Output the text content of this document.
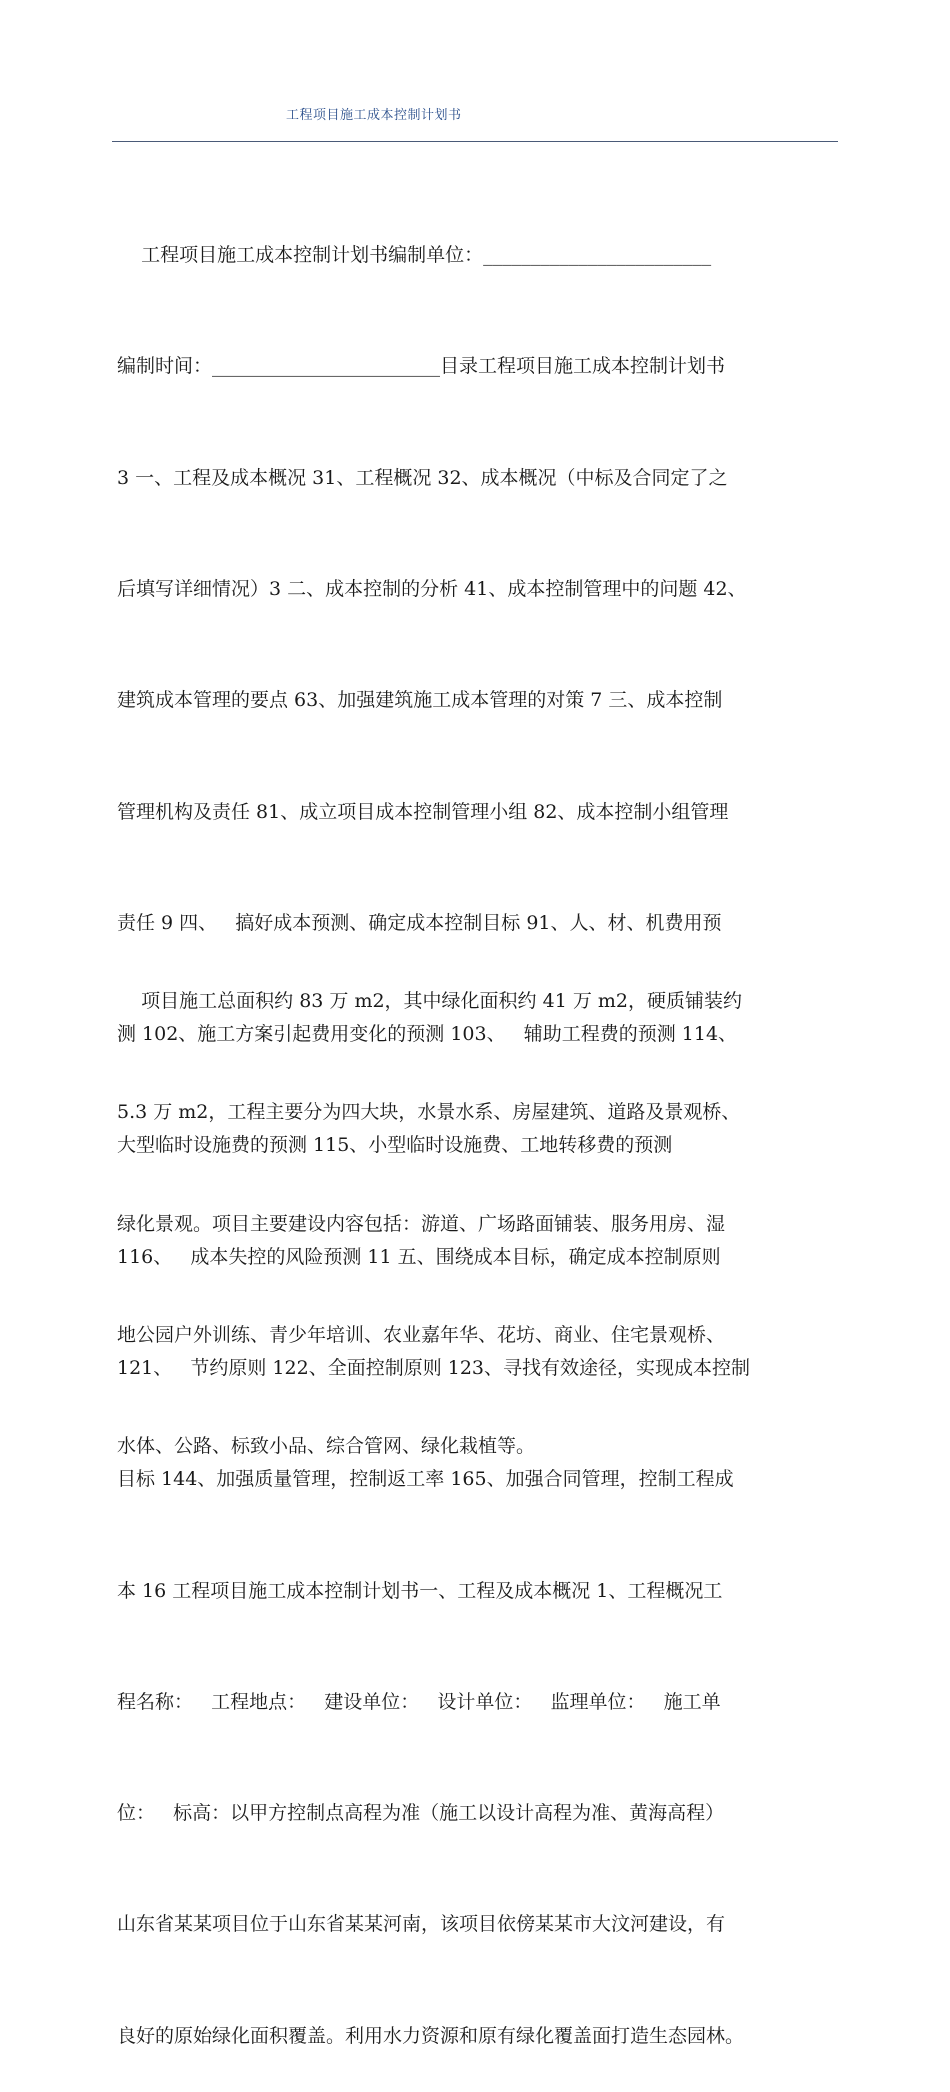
工程项目施工成本控制计划书

工程项目施工成本控制计划书编制单位：________________________

编制时间：________________________目录工程项目施工成本控制计划书

3 一、工程及成本概况 31、工程概况 32、成本概况（中标及合同定了之

后填写详细情况）3 二、成本控制的分析 41、成本控制管理中的问题 42、

建筑成本管理的要点 63、加强建筑施工成本管理的对策 7 三、成本控制

管理机构及责任 81、成立项目成本控制管理小组 82、成本控制小组管理

责任 9 四、   搞好成本预测、确定成本控制目标 91、人、材、机费用预

测 102、施工方案引起费用变化的预测 103、   辅助工程费的预测 114、

大型临时设施费的预测 115、小型临时设施费、工地转移费的预测

116、   成本失控的风险预测 11 五、围绕成本目标，确定成本控制原则

121、   节约原则 122、全面控制原则 123、寻找有效途径，实现成本控制

目标 144、加强质量管理，控制返工率 165、加强合同管理，控制工程成

本 16 工程项目施工成本控制计划书一、工程及成本概况 1、工程概况工

程名称：   工程地点：   建设单位：   设计单位：   监理单位：   施工单

位：   标高：以甲方控制点高程为准（施工以设计高程为准、黄海高程）

山东省某某项目位于山东省某某河南，该项目依傍某某市大汶河建设，有

良好的原始绿化面积覆盖。利用水力资源和原有绿化覆盖面打造生态园林。

项目施工总面积约 83 万 m2，其中绿化面积约 41 万 m2，硬质铺装约

5.3 万 m2，工程主要分为四大块，水景水系、房屋建筑、道路及景观桥、

绿化景观。项目主要建设内容包括：游道、广场路面铺装、服务用房、湿

地公园户外训练、青少年培训、农业嘉年华、花坊、商业、住宅景观桥、

水体、公路、标致小品、综合管网、绿化栽植等。
